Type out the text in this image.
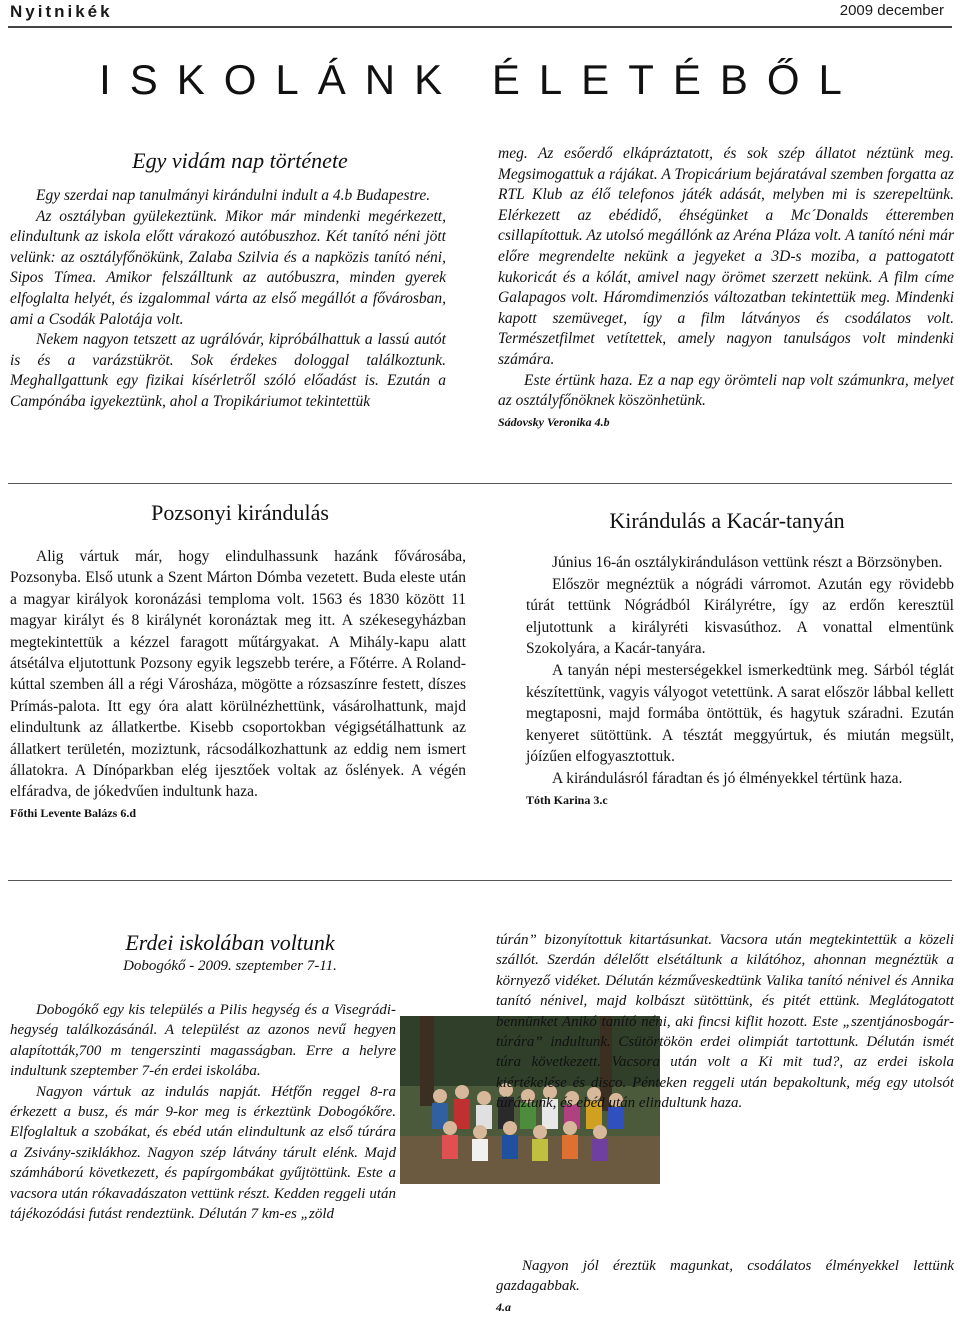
Nyitnikék	2009 december
ISKOLÁNK ÉLETÉBŐL
Egy vidám nap története

Egy szerdai nap tanulmányi kirándulni indult a 4.b Budapestre.

Az osztályban gyülekeztünk. Mikor már mindenki megérkezett, elindultunk az iskola előtt várakozó autóbuszhoz. Két tanító néni jött velünk: az osztályfőnökünk, Zalaba Szilvia és a napközis tanító néni, Sipos Tímea. Amikor felszálltunk az autóbuszra, minden gyerek elfoglalta helyét, és izgalommal várta az első megállót a fővárosban, ami a Csodák Palotája volt.

Nekem nagyon tetszett az ugrálóvár, kipróbálhattuk a lassú autót is és a varázstükröt. Sok érdekes dologgal találkoztunk. Meghallgattunk egy fizikai kísérletről szóló előadást is. Ezután a Campónába igyekeztünk, ahol a Tropikáriumot tekintettük

meg. Az esőerdő elkápráztatott, és sok szép állatot néztünk meg. Megsimogattuk a rájákat. A Tropicárium bejáratával szemben forgatta az RTL Klub az élő telefonos játék adását, melyben mi is szerepeltünk. Elérkezett az ebédidő, éhségünket a Mc´Donalds étteremben csillapítottuk. Az utolsó megállónk az Aréna Pláza volt. A tanító néni már előre megrendelte nekünk a jegyeket a 3D-s moziba, a pattogatott kukoricát és a kólát, amivel nagy örömet szerzett nekünk. A film címe Galapagos volt. Háromdimenziós változatban tekintettük meg. Mindenki kapott szemüveget, így a film látványos és csodálatos volt. Természetfilmet vetítettek, amely nagyon tanulságos volt mindenki számára.

Este értünk haza. Ez a nap egy örömteli nap volt számunkra, melyet az osztályfőnöknek köszönhetünk.

Sádovsky Veronika 4.b

Pozsonyi kirándulás

Alig vártuk már, hogy elindulhassunk hazánk fővárosába, Pozsonyba. Első utunk a Szent Márton Dómba vezetett. Buda eleste után a magyar királyok koronázási temploma volt. 1563 és 1830 között 11 magyar királyt és 8 királynét koronáztak meg itt. A székesegyházban megtekintettük a kézzel faragott műtárgyakat. A Mihály-kapu alatt átsétálva eljutottunk Pozsony egyik legszebb terére, a Főtérre. A Roland-kúttal szemben áll a régi Városháza, mögötte a rózsaszínre festett, díszes Prímás-palota. Itt egy óra alatt körülnézhettünk, vásárolhattunk, majd elindultunk az állatkertbe. Kisebb csoportokban végigsétálhattunk az állatkert területén, moziztunk, rácsodálkozhattunk az eddig nem ismert állatokra. A Dínóparkban elég ijesztőek voltak az őslények. A végén elfáradva, de jókedvűen indultunk haza.

Főthi Levente Balázs 6.d

Kirándulás a Kacár-tanyán

Június 16-án osztálykiránduláson vettünk részt a Börzsönyben.

Először megnéztük a nógrádi várromot. Azután egy rövidebb túrát tettünk Nógrádból Királyrétre, így az erdőn keresztül eljutottunk a királyréti kisvasúthoz. A vonattal elmentünk Szokolyára, a Kacár-tanyára.

A tanyán népi mesterségekkel ismerkedtünk meg. Sárból téglát készítettünk, vagyis vályogot vetettünk. A sarat először lábbal kellett megtaposni, majd formába öntöttük, és hagytuk száradni. Ezután kenyeret sütöttünk. A tésztát meggyúrtuk, és miután megsült, jóízűen elfogyasztottuk.

A kirándulásról fáradtan és jó élményekkel tértünk haza.

Tóth Karina 3.c

Erdei iskolában voltunk
Dobogókő - 2009. szeptember 7-11.

Dobogókő egy kis település a Pilis hegység és a Visegrádi-hegység találkozásánál. A települést az azonos nevű hegyen alapították,700 m tengerszinti magasságban. Erre a helyre indultunk szeptember 7-én erdei iskolába.

Nagyon vártuk az indulás napját. Hétfőn reggel 8-ra érkezett a busz, és már 9-kor meg is érkeztünk Dobogókőre. Elfoglaltuk a szobákat, és ebéd után elindultunk az első túrára a Zsivány-sziklákhoz. Nagyon szép látvány tárult elénk. Majd számháború következett, és papírgombákat gyűjtöttünk. Este a vacsora után rókavadászaton vettünk részt. Kedden reggeli után tájékozódási futást rendeztünk. Délután 7 km-es „zöld

túrán” bizonyítottuk kitartásunkat. Vacsora után megtekintettük a közeli szállót. Szerdán délelőtt elsétáltunk a kilátóhoz, ahonnan megnéztük a környező vidéket. Délután kézműveskedtünk Valika tanító nénivel és Annika tanító nénivel, majd kolbászt sütöttünk, és pitét ettünk. Meglátogatott bennünket Anikó tanító néni, aki fincsi kiflit hozott. Este „szentjánosbogár-túrára” indultunk. Csütörtökön erdei olimpiát tartottunk. Délután ismét túra következett. Vacsora után volt a Ki mit tud?, az erdei iskola kiértékelése és disco. Pénteken reggeli után bepakoltunk, még egy utolsót túráztunk, és ebéd után elindultunk haza.

Nagyon jól éreztük magunkat, csodálatos élményekkel lettünk gazdagabbak.

4.a
